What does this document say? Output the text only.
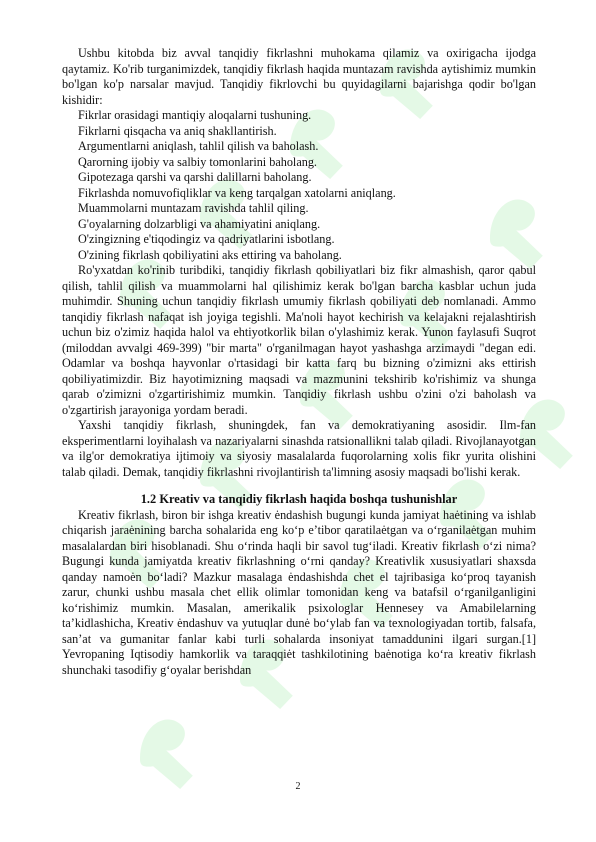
Ushbu kitobda biz avval tanqidiy fikrlashni muhokama qilamiz va oxirigacha ijodga qaytamiz. Ko'rib turganimizdek, tanqidiy fikrlash haqida muntazam ravishda aytishimiz mumkin bo'lgan ko'p narsalar mavjud. Tanqidiy fikrlovchi bu quyidagilarni bajarishga qodir bo'lgan kishidir:

Fikrlar orasidagi mantiqiy aloqalarni tushuning.

Fikrlarni qisqacha va aniq shakllantirish.

Argumentlarni aniqlash, tahlil qilish va baholash.

Qarorning ijobiy va salbiy tomonlarini baholang.

Gipotezaga qarshi va qarshi dalillarni baholang.

Fikrlashda nomuvofiqliklar va keng tarqalgan xatolarni aniqlang.

Muammolarni muntazam ravishda tahlil qiling.

G'oyalarning dolzarbligi va ahamiyatini aniqlang.

O'zingizning e'tiqodingiz va qadriyatlarini isbotlang.

O'zining fikrlash qobiliyatini aks ettiring va baholang.

Ro'yxatdan ko'rinib turibdiki, tanqidiy fikrlash qobiliyatlari biz fikr almashish, qaror qabul qilish, tahlil qilish va muammolarni hal qilishimiz kerak bo'lgan barcha kasblar uchun juda muhimdir. Shuning uchun tanqidiy fikrlash umumiy fikrlash qobiliyati deb nomlanadi. Ammo tanqidiy fikrlash nafaqat ish joyiga tegishli. Ma'noli hayot kechirish va kelajakni rejalashtirish uchun biz o'zimiz haqida halol va ehtiyotkorlik bilan o'ylashimiz kerak. Yunon faylasufi Suqrot (miloddan avvalgi 469-399) "bir marta" o'rganilmagan hayot yashashga arzimaydi "degan edi. Odamlar va boshqa hayvonlar o'rtasidagi bir katta farq bu bizning o'zimizni aks ettirish qobiliyatimizdir. Biz hayotimizning maqsadi va mazmunini tekshirib ko'rishimiz va shunga qarab o'zimizni o'zgartirishimiz mumkin. Tanqidiy fikrlash ushbu o'zini o'zi baholash va o'zgartirish jarayoniga yordam beradi.

Yaxshi tanqidiy fikrlash, shuningdek, fan va demokratiyaning asosidir. Ilm-fan eksperimentlarni loyihalash va nazariyalarni sinashda ratsionallikni talab qiladi. Rivojlanayotgan va ilg'or demokratiya ijtimoiy va siyosiy masalalarda fuqorolarning xolis fikr yurita olishini talab qiladi. Demak, tanqidiy fikrlashni rivojlantirish ta'limning asosiy maqsadi bo'lishi kerak.

1.2 Kreativ va tanqidiy fikrlash haqida boshqa tushunishlar

Kreativ fikrlash, biron bir ishga kreativ ėndashish bugungi kunda jamiyat haėtining va ishlab chiqarish jaraėnining barcha sohalarida eng ko‘p e’tibor qaratilaėtgan va o‘rganilaėtgan muhim masalalardan biri hisoblanadi. Shu o‘rinda haqli bir savol tug‘iladi. Kreativ fikrlash o‘zi nima? Bugungi kunda jamiyatda kreativ fikrlashning o‘rni qanday? Kreativlik xususiyatlari shaxsda qanday namoėn bo‘ladi? Mazkur masalaga ėndashishda chet el tajribasiga ko‘proq tayanish zarur, chunki ushbu masala chet ellik olimlar tomonidan keng va batafsil o‘rganilganligini ko‘rishimiz mumkin. Masalan, amerikalik psixologlar Hennesey va Amabilelarning ta’kidlashicha, Kreativ ėndashuv va yutuqlar dunė bo‘ylab fan va texnologiyadan tortib, falsafa, san’at va gumanitar fanlar kabi turli sohalarda insoniyat tamaddunini ilgari surgan.[1] Yevropaning Iqtisodiy hamkorlik va taraqqiėt tashkilotining baėnotiga ko‘ra kreativ fikrlash shunchaki tasodifiy g‘oyalar berishdan

2
